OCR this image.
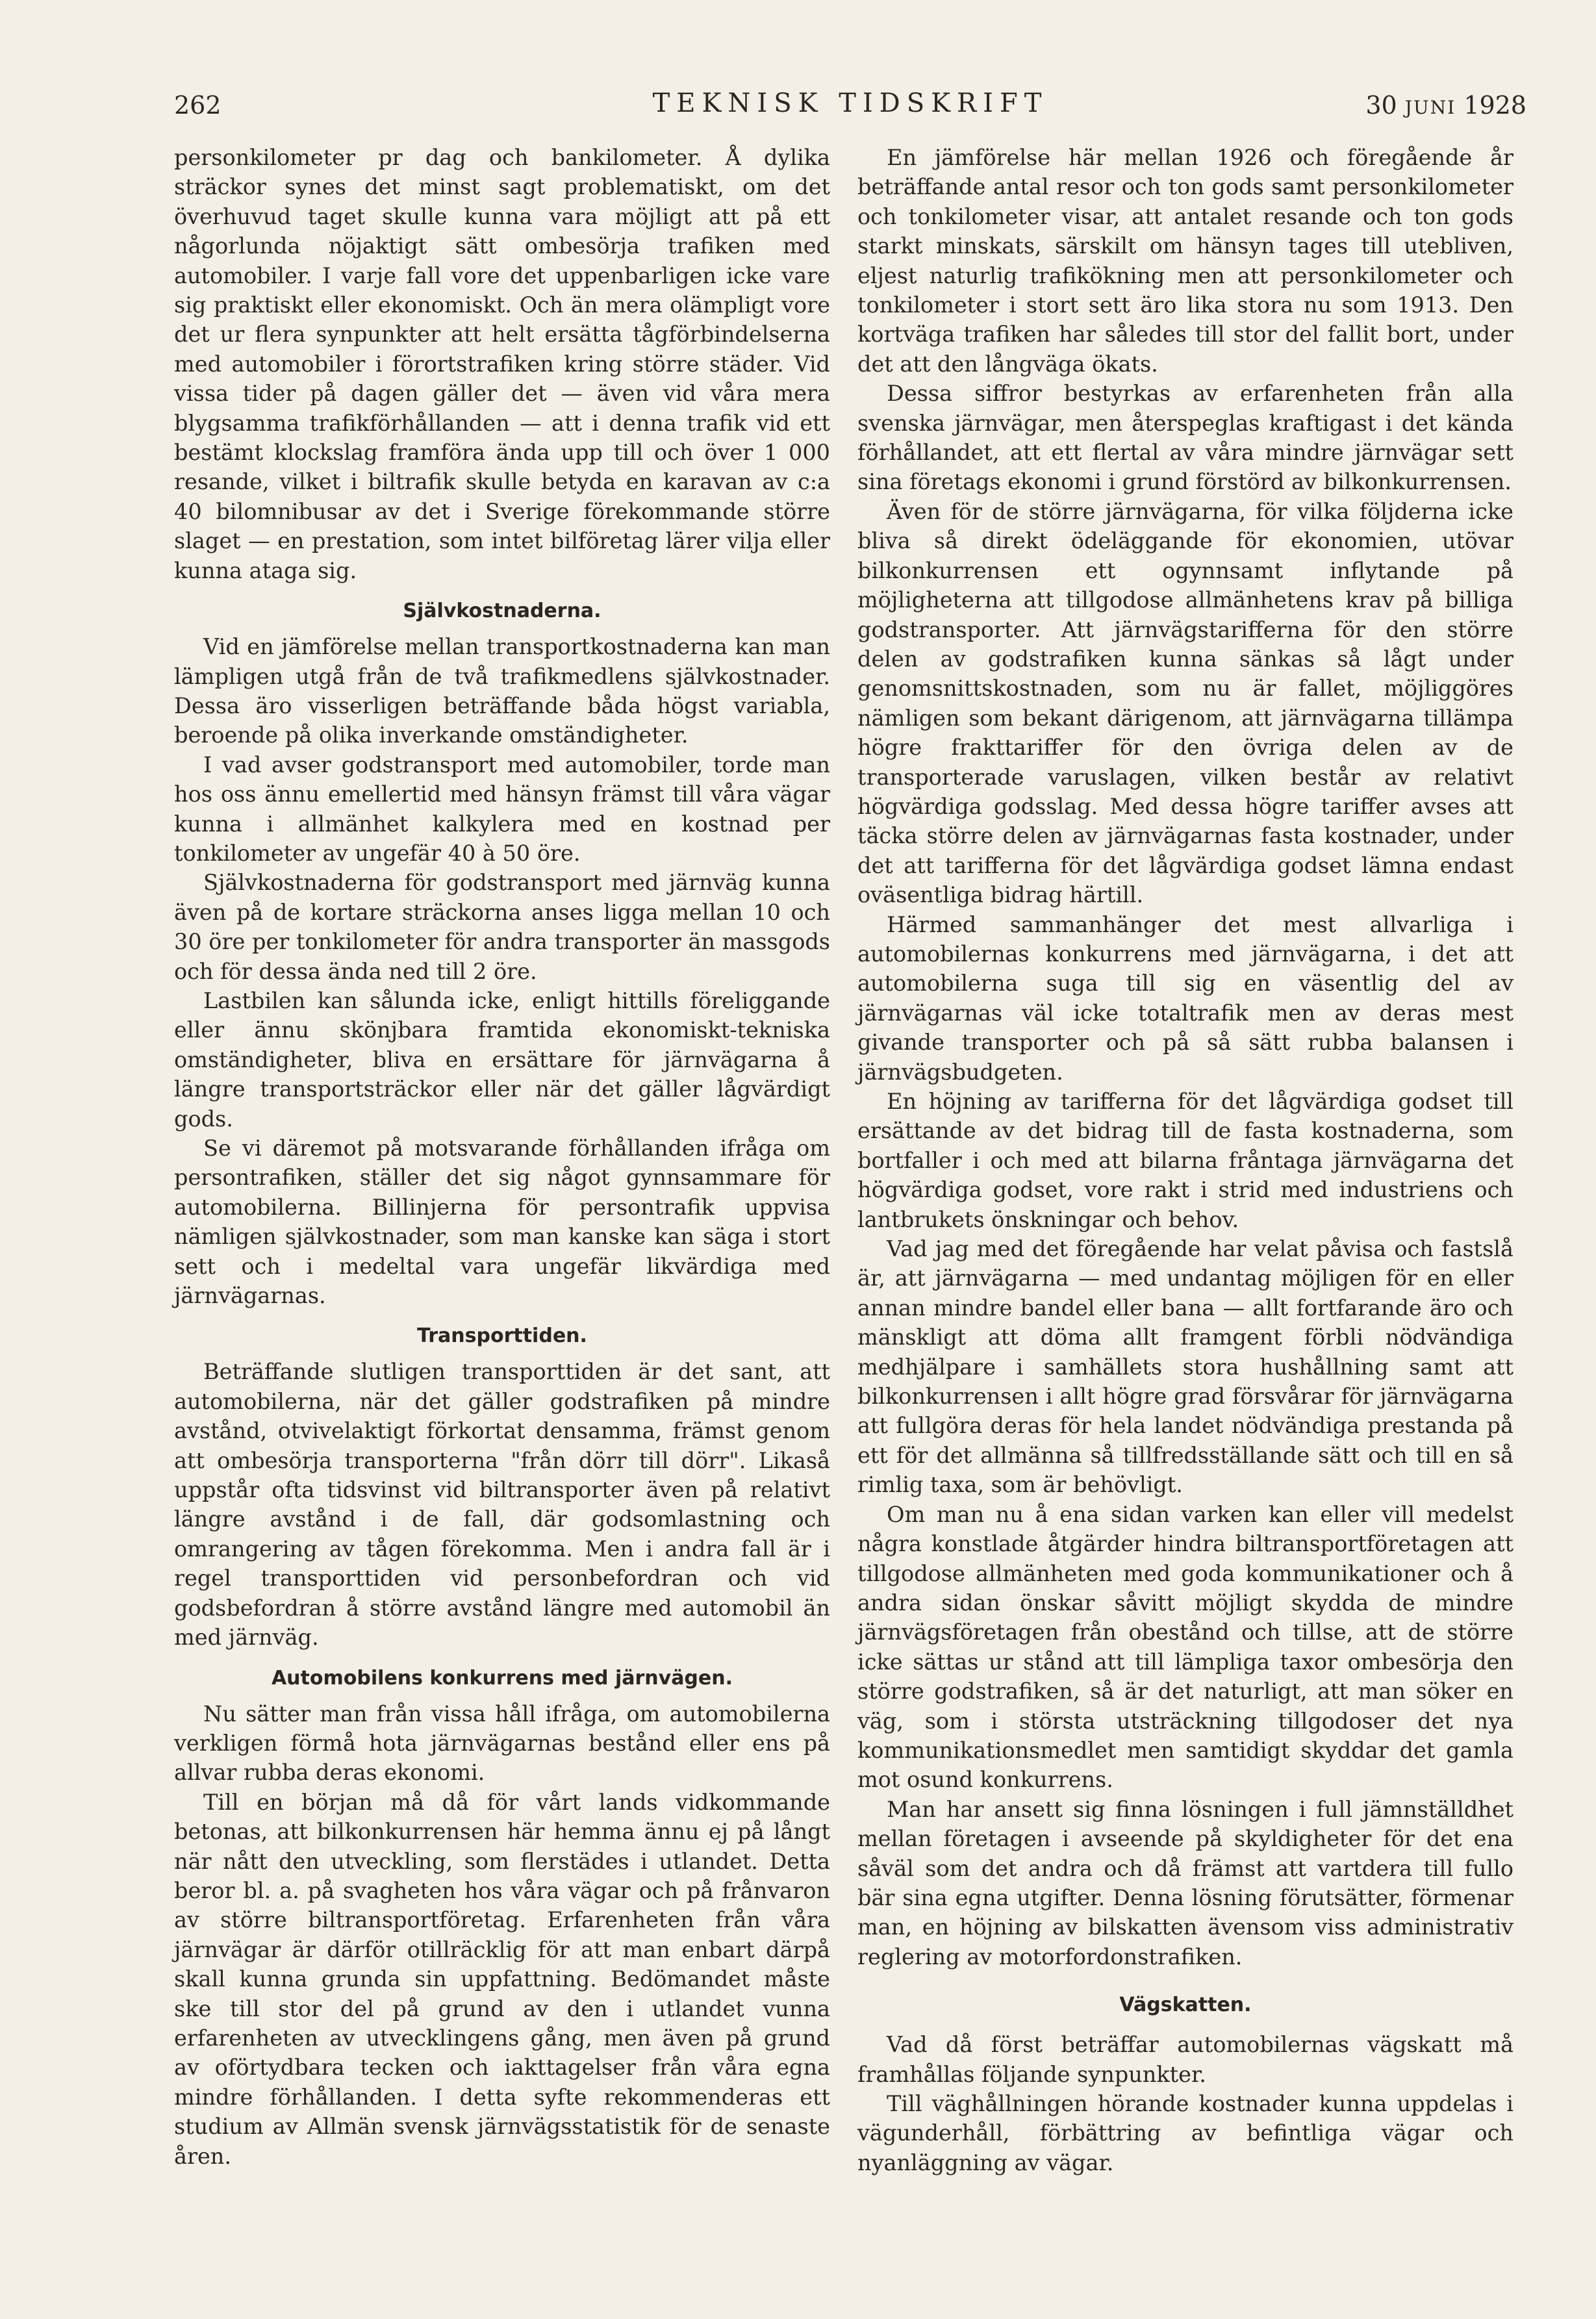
262	TEKNISK TIDSKRIFT	30 JUNI 1928

personkilometer pr dag och bankilometer. Å dylika sträckor synes det minst sagt problematiskt, om det överhuvud taget skulle kunna vara möjligt att på ett någorlunda nöjaktigt sätt ombesörja trafiken med automobiler. I varje fall vore det uppenbarligen icke vare sig praktiskt eller ekonomiskt. Och än mera olämpligt vore det ur flera synpunkter att helt ersätta tågförbindelserna med automobiler i förortstrafiken kring större städer. Vid vissa tider på dagen gäller det — även vid våra mera blygsamma trafikförhållanden — att i denna trafik vid ett bestämt klockslag framföra ända upp till och över 1 000 resande, vilket i biltrafik skulle betyda en karavan av c:a 40 bilomnibusar av det i Sverige förekommande större slaget — en prestation, som intet bilföretag lärer vilja eller kunna ataga sig.

Självkostnaderna.

Vid en jämförelse mellan transportkostnaderna kan man lämpligen utgå från de två trafikmedlens självkostnader. Dessa äro visserligen beträffande båda högst variabla, beroende på olika inverkande omständigheter.

I vad avser godstransport med automobiler, torde man hos oss ännu emellertid med hänsyn främst till våra vägar kunna i allmänhet kalkylera med en kostnad per tonkilometer av ungefär 40 à 50 öre.

Självkostnaderna för godstransport med järnväg kunna även på de kortare sträckorna anses ligga mellan 10 och 30 öre per tonkilometer för andra transporter än massgods och för dessa ända ned till 2 öre.

Lastbilen kan sålunda icke, enligt hittills föreliggande eller ännu skönjbara framtida ekonomiskt-tekniska omständigheter, bliva en ersättare för järnvägarna å längre transportsträckor eller när det gäller lågvärdigt gods.

Se vi däremot på motsvarande förhållanden ifråga om persontrafiken, ställer det sig något gynnsammare för automobilerna. Billinjerna för persontrafik uppvisa nämligen självkostnader, som man kanske kan säga i stort sett och i medeltal vara ungefär likvärdiga med järnvägarnas.

Transporttiden.

Beträffande slutligen transporttiden är det sant, att automobilerna, när det gäller godstrafiken på mindre avstånd, otvivelaktigt förkortat densamma, främst genom att ombesörja transporterna "från dörr till dörr". Likaså uppstår ofta tidsvinst vid biltransporter även på relativt längre avstånd i de fall, där godsomlastning och omrangering av tågen förekomma. Men i andra fall är i regel transporttiden vid personbefordran och vid godsbefordran å större avstånd längre med automobil än med järnväg.

Automobilens konkurrens med järnvägen.

Nu sätter man från vissa håll ifråga, om automobilerna verkligen förmå hota järnvägarnas bestånd eller ens på allvar rubba deras ekonomi.

Till en början må då för vårt lands vidkommande betonas, att bilkonkurrensen här hemma ännu ej på långt när nått den utveckling, som flerstädes i utlandet. Detta beror bl. a. på svagheten hos våra vägar och på frånvaron av större biltransportföretag. Erfarenheten från våra järnvägar är därför otillräcklig för att man enbart därpå skall kunna grunda sin uppfattning. Bedömandet måste ske till stor del på grund av den i utlandet vunna erfarenheten av utvecklingens gång, men även på grund av oförtydbara tecken och iakttagelser från våra egna mindre förhållanden. I detta syfte rekommenderas ett studium av Allmän svensk järnvägsstatistik för de senaste åren.

En jämförelse här mellan 1926 och föregående år beträffande antal resor och ton gods samt personkilometer och tonkilometer visar, att antalet resande och ton gods starkt minskats, särskilt om hänsyn tages till utebliven, eljest naturlig trafikökning men att personkilometer och tonkilometer i stort sett äro lika stora nu som 1913. Den kortväga trafiken har således till stor del fallit bort, under det att den långväga ökats.

Dessa siffror bestyrkas av erfarenheten från alla svenska järnvägar, men återspeglas kraftigast i det kända förhållandet, att ett flertal av våra mindre järnvägar sett sina företags ekonomi i grund förstörd av bilkonkurrensen.

Även för de större järnvägarna, för vilka följderna icke bliva så direkt ödeläggande för ekonomien, utövar bilkonkurrensen ett ogynnsamt inflytande på möjligheterna att tillgodose allmänhetens krav på billiga godstransporter. Att järnvägstarifferna för den större delen av godstrafiken kunna sänkas så lågt under genomsnittskostnaden, som nu är fallet, möjliggöres nämligen som bekant därigenom, att järnvägarna tillämpa högre frakttariffer för den övriga delen av de transporterade varuslagen, vilken består av relativt högvärdiga godsslag. Med dessa högre tariffer avses att täcka större delen av järnvägarnas fasta kostnader, under det att tarifferna för det lågvärdiga godset lämna endast oväsentliga bidrag härtill.

Härmed sammanhänger det mest allvarliga i automobilernas konkurrens med järnvägarna, i det att automobilerna suga till sig en väsentlig del av järnvägarnas väl icke totaltrafik men av deras mest givande transporter och på så sätt rubba balansen i järnvägsbudgeten.

En höjning av tarifferna för det lågvärdiga godset till ersättande av det bidrag till de fasta kostnaderna, som bortfaller i och med att bilarna fråntaga järnvägarna det högvärdiga godset, vore rakt i strid med industriens och lantbrukets önskningar och behov.

Vad jag med det föregående har velat påvisa och fastslå är, att järnvägarna — med undantag möjligen för en eller annan mindre bandel eller bana — allt fortfarande äro och mänskligt att döma allt framgent förbli nödvändiga medhjälpare i samhällets stora hushållning samt att bilkonkurrensen i allt högre grad försvårar för järnvägarna att fullgöra deras för hela landet nödvändiga prestanda på ett för det allmänna så tillfredsställande sätt och till en så rimlig taxa, som är behövligt.

Om man nu å ena sidan varken kan eller vill medelst några konstlade åtgärder hindra biltransportföretagen att tillgodose allmänheten med goda kommunikationer och å andra sidan önskar såvitt möjligt skydda de mindre järnvägsföretagen från obestånd och tillse, att de större icke sättas ur stånd att till lämpliga taxor ombesörja den större godstrafiken, så är det naturligt, att man söker en väg, som i största utsträckning tillgodoser det nya kommunikationsmedlet men samtidigt skyddar det gamla mot osund konkurrens.

Man har ansett sig finna lösningen i full jämnställdhet mellan företagen i avseende på skyldigheter för det ena såväl som det andra och då främst att vartdera till fullo bär sina egna utgifter. Denna lösning förutsätter, förmenar man, en höjning av bilskatten ävensom viss administrativ reglering av motorfordonstrafiken.

Vägskatten.

Vad då först beträffar automobilernas vägskatt må framhållas följande synpunkter.

Till väghållningen hörande kostnader kunna uppdelas i vägunderhåll, förbättring av befintliga vägar och nyanläggning av vägar.
